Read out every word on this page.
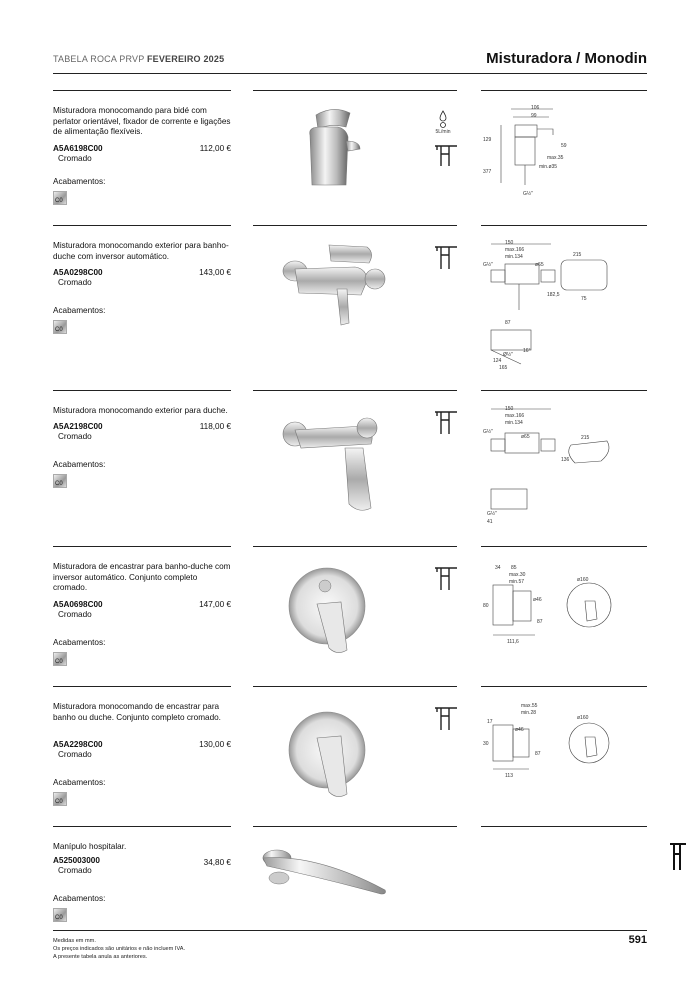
TABELA ROCA PRVP FEVEREIRO 2025	Misturadora / Monodin
Misturadora monocomando para bidé com perlator orientável, fixador de corrente e ligações de alimentação flexíveis.
A5A6198C00	112,00 €
Cromado
Acabamentos:
C0
5L/min
106
99
129
59
max.35
min.ø35
377
G½"
Misturadora monocomando exterior para banho-duche com inversor automático.
A5A0298C00	143,00 €
Cromado
Acabamentos:
C0
150
max.166
min.134
G½"	ø65
182,5
215
75
87
Ø½"
16°
124
165
Misturadora monocomando exterior para duche.
A5A2198C00	118,00 €
Cromado
Acabamentos:
C0
150
max.166
min.134
G½"
ø65
136
215
G½"
41
Misturadora de encastrar para banho-duche com inversor automático. Conjunto completo cromado.
A5A0698C00	147,00 €
Cromado
Acabamentos:
C0
34 85
max.30
min.57	ø160
80
ø46
87
111,6
Misturadora monocomando de encastrar para banho ou duche. Conjunto completo cromado.
A5A2298C00	130,00 €
Cromado
Acabamentos:
C0
max.55
min.28
17
ø46
ø160
30
87
113
Manípulo hospitalar.
A525003000	34,80 €
Cromado
Acabamentos:
C0
Medidas em mm.
Os preços indicados são unitários e não incluem IVA.
A presente tabela anula as anteriores.
591
